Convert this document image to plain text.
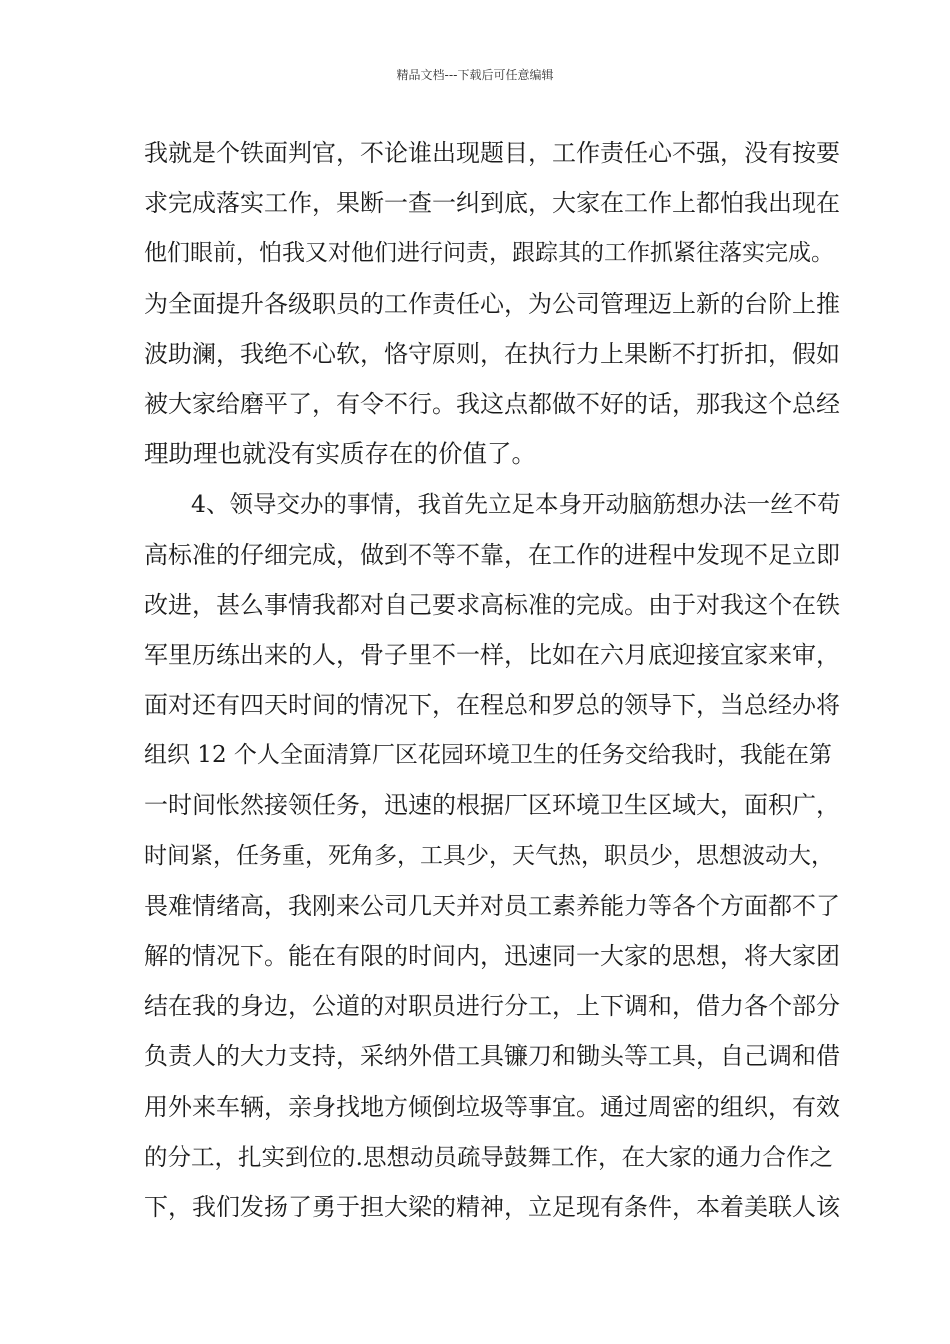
精品文档---下载后可任意编辑
我就是个铁面判官，不论谁出现题目，工作责任心不强，没有按要
求完成落实工作，果断一查一纠到底，大家在工作上都怕我出现在
他们眼前，怕我又对他们进行问责，跟踪其的工作抓紧往落实完成。
为全面提升各级职员的工作责任心，为公司管理迈上新的台阶上推
波助澜，我绝不心软，恪守原则，在执行力上果断不打折扣，假如
被大家给磨平了，有令不行。我这点都做不好的话，那我这个总经
理助理也就没有实质存在的价值了。
　　4、领导交办的事情，我首先立足本身开动脑筋想办法一丝不苟
高标准的仔细完成，做到不等不靠，在工作的进程中发现不足立即
改进，甚么事情我都对自己要求高标准的完成。由于对我这个在铁
军里历练出来的人，骨子里不一样，比如在六月底迎接宜家来审，
面对还有四天时间的情况下，在程总和罗总的领导下，当总经办将
组织 12 个人全面清算厂区花园环境卫生的任务交给我时，我能在第
一时间怅然接领任务，迅速的根据厂区环境卫生区域大，面积广，
时间紧，任务重，死角多，工具少，天气热，职员少，思想波动大，
畏难情绪高，我刚来公司几天并对员工素养能力等各个方面都不了
解的情况下。能在有限的时间内，迅速同一大家的思想，将大家团
结在我的身边，公道的对职员进行分工，上下调和，借力各个部分
负责人的大力支持，采纳外借工具镰刀和锄头等工具，自己调和借
用外来车辆，亲身找地方倾倒垃圾等事宜。通过周密的组织，有效
的分工，扎实到位的.思想动员疏导鼓舞工作，在大家的通力合作之
下，我们发扬了勇于担大梁的精神，立足现有条件，本着美联人该
